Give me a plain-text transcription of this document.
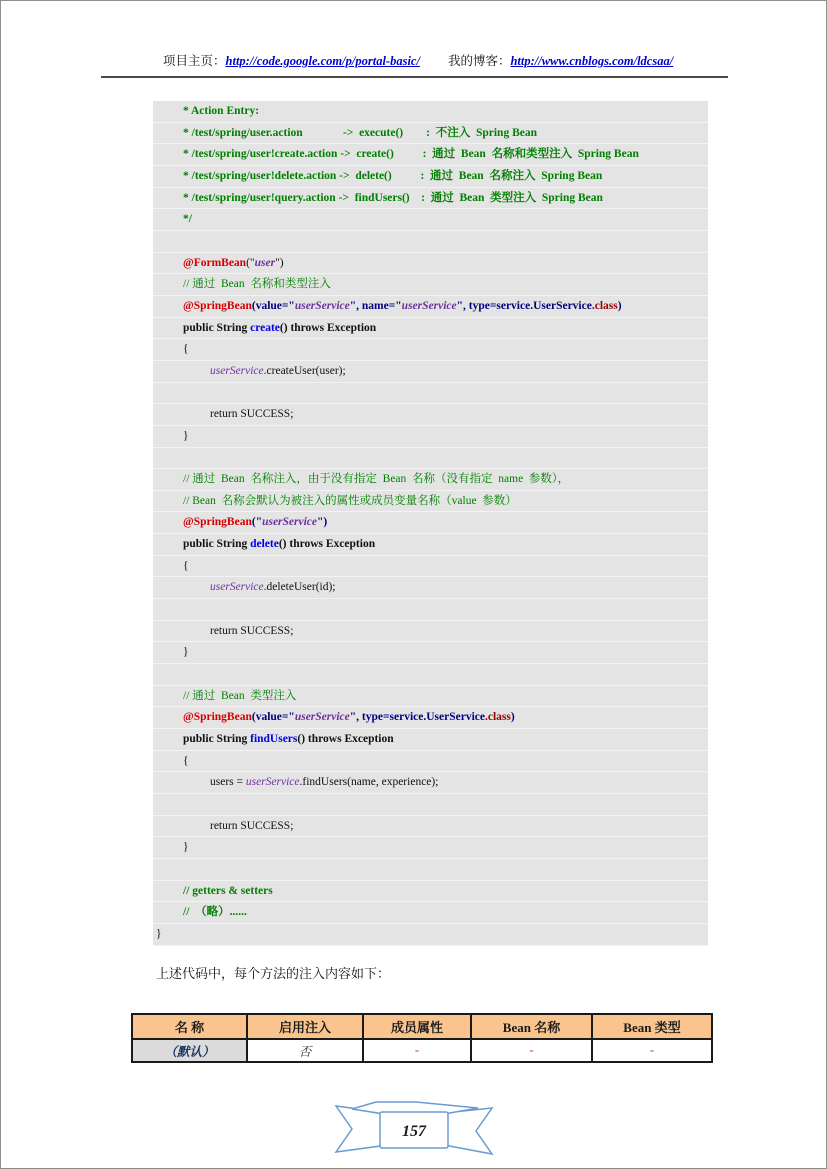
项目主页：http://code.google.com/p/portal-basic/ 我的博客：http://www.cnblogs.com/ldcsaa/
* Action Entry:
* /test/spring/user.action              ->  execute()        :  不注入  Spring Bean
* /test/spring/user!create.action ->  create()          :  通过  Bean  名称和类型注入  Spring Bean
* /test/spring/user!delete.action ->  delete()          :  通过  Bean  名称注入  Spring Bean
* /test/spring/user!query.action ->  findUsers()    :  通过  Bean  类型注入  Spring Bean
*/
@FormBean("user")
// 通过  Bean  名称和类型注入
@SpringBean(value="userService", name="userService", type=service.UserService.class)
public String create() throws Exception
{
userService.createUser(user);
return SUCCESS;
}
// 通过  Bean  名称注入，由于没有指定  Bean  名称（没有指定  name  参数），
// Bean  名称会默认为被注入的属性或成员变量名称（value  参数）
@SpringBean("userService")
public String delete() throws Exception
{
userService.deleteUser(id);
return SUCCESS;
}
// 通过  Bean  类型注入
@SpringBean(value="userService", type=service.UserService.class)
public String findUsers() throws Exception
{
users = userService.findUsers(name, experience);
return SUCCESS;
}
// getters & setters
//  （略）......
}
上述代码中，每个方法的注入内容如下：
名 称	启用注入	成员属性	Bean 名称	Bean 类型
（默认）	否	-	-	-
157
